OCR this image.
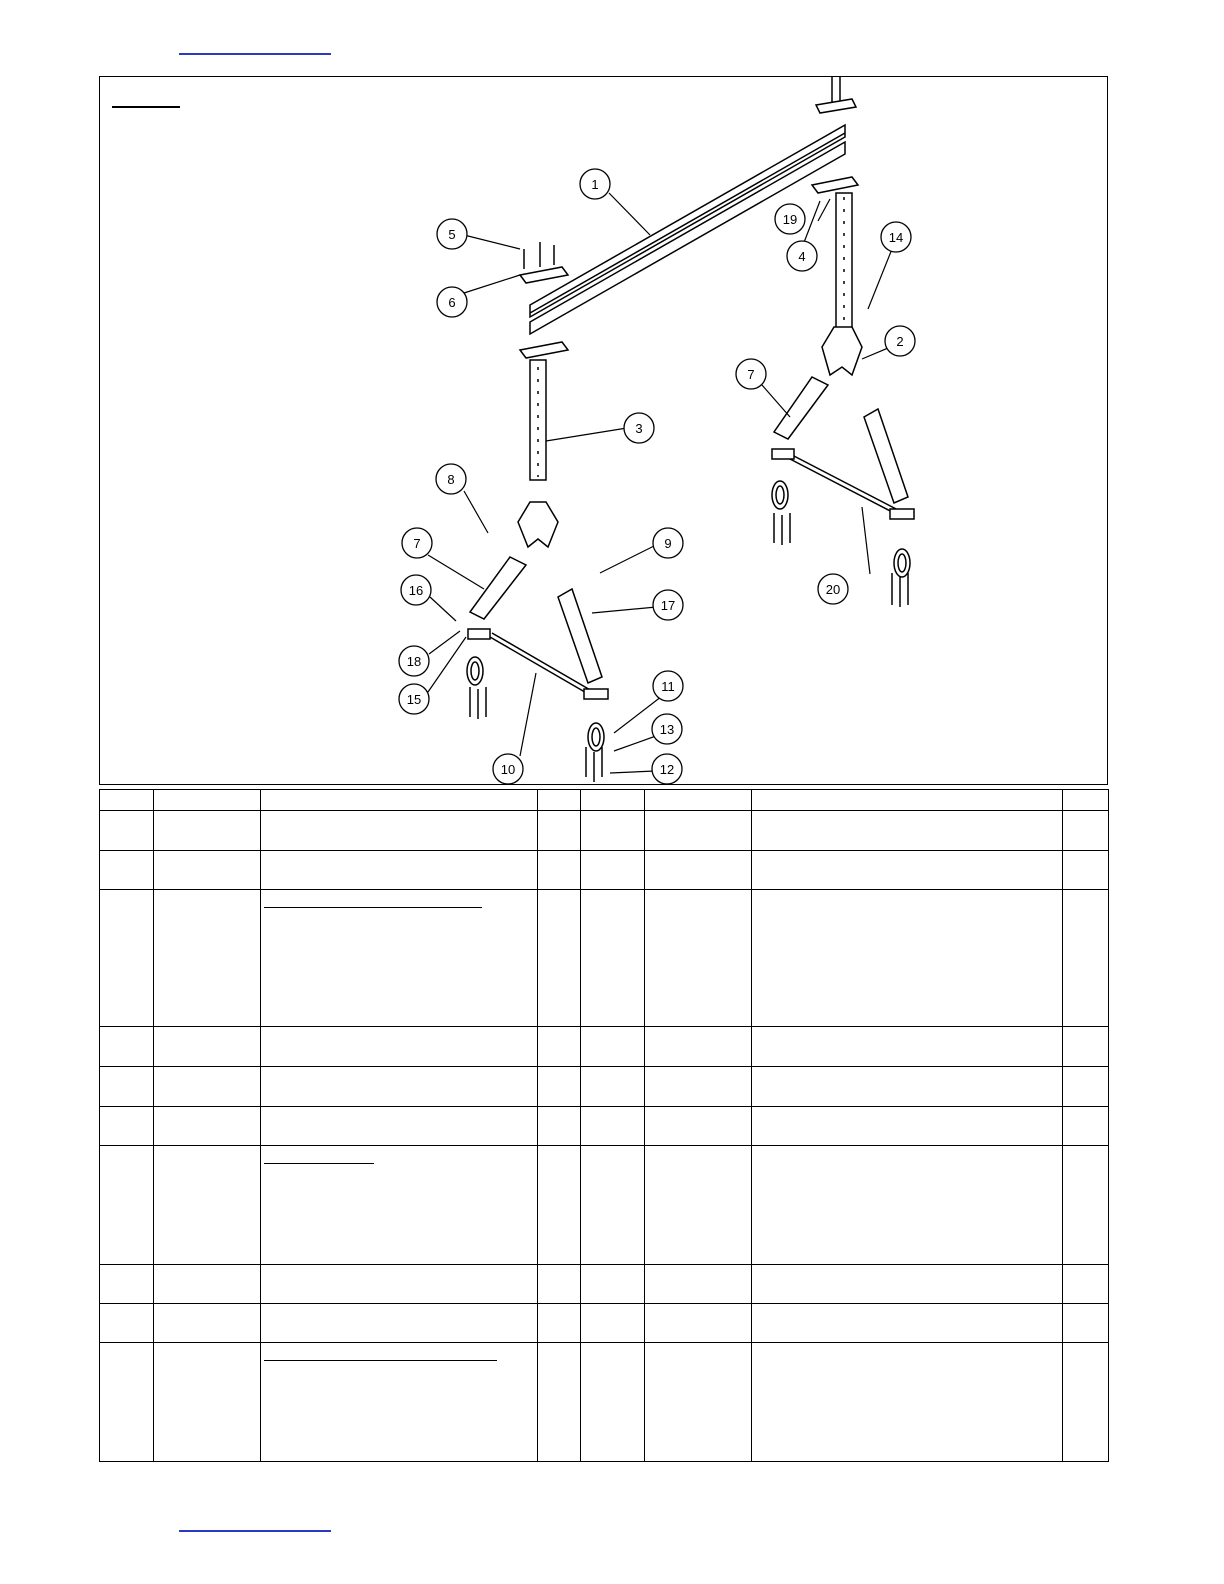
1
5
6
19
4
14
2
7
3
8
7	9
16
17
18
15
10
20
11
13
12
